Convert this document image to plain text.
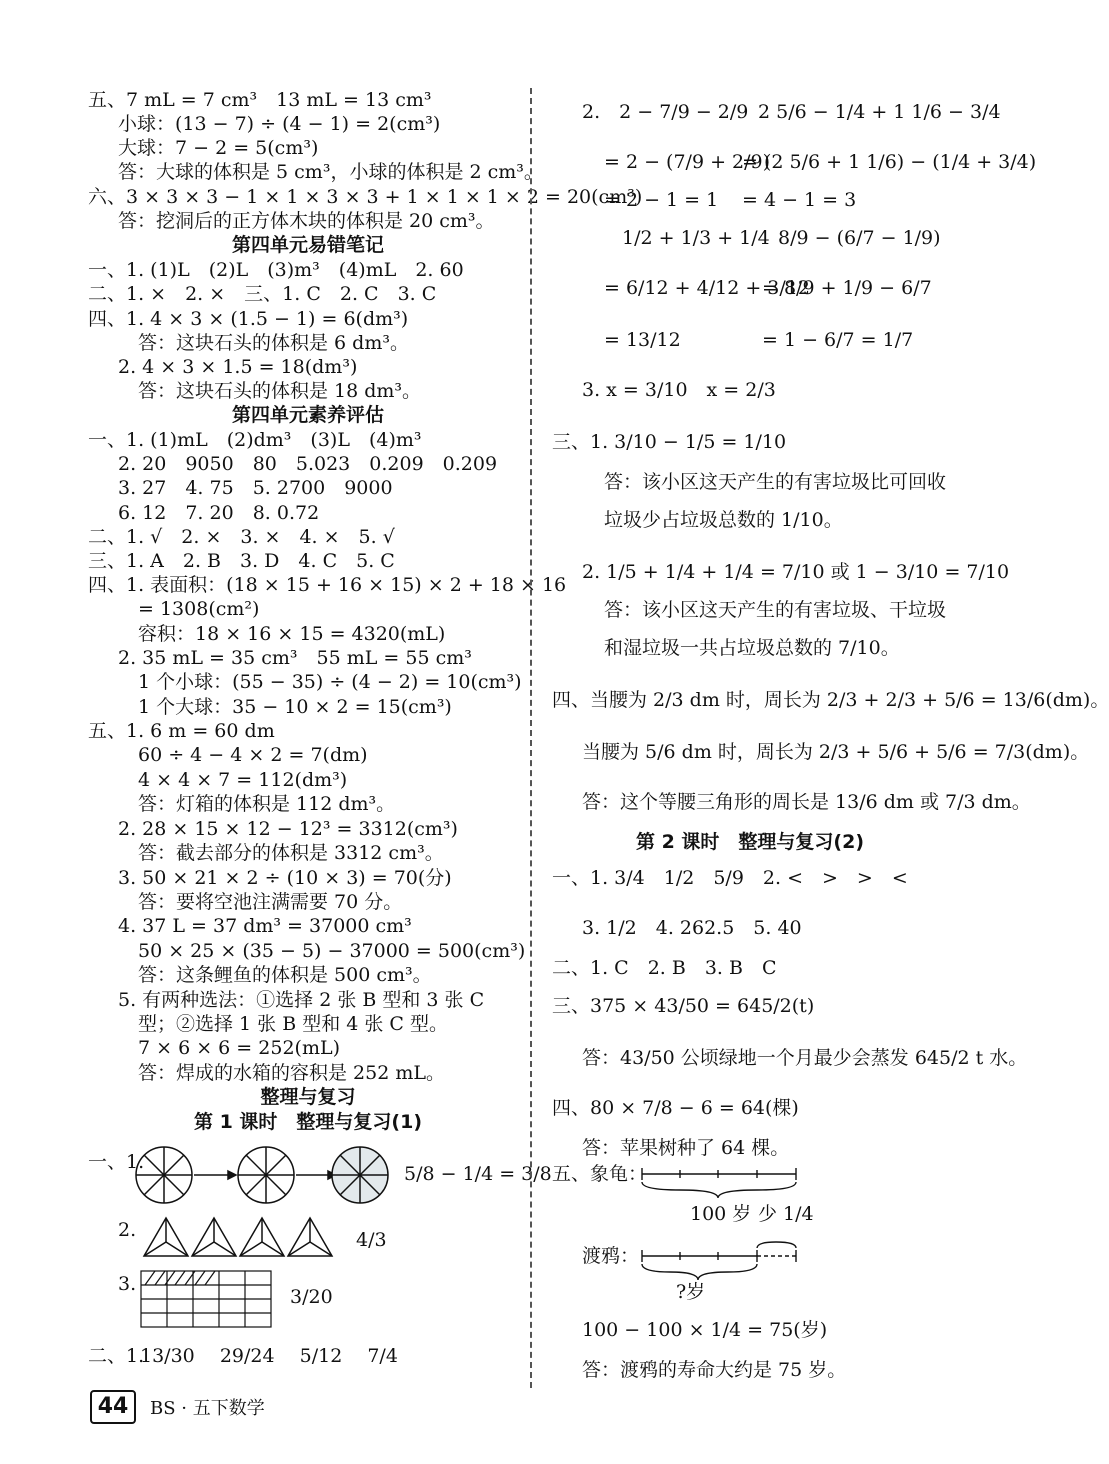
五、7 mL = 7 cm³　13 mL = 13 cm³
小球：(13 − 7) ÷ (4 − 1) = 2(cm³)
大球：7 − 2 = 5(cm³)
答：大球的体积是 5 cm³，小球的体积是 2 cm³。
六、3 × 3 × 3 − 1 × 1 × 3 × 3 + 1 × 1 × 1 × 2 = 20(cm³)
答：挖洞后的正方体木块的体积是 20 cm³。
第四单元易错笔记
一、1. (1)L　(2)L　(3)m³　(4)mL　2. 60
二、1. ×　2. ×　三、1. C　2. C　3. C
四、1. 4 × 3 × (1.5 − 1) = 6(dm³)
答：这块石头的体积是 6 dm³。
2. 4 × 3 × 1.5 = 18(dm³)
答：这块石头的体积是 18 dm³。
第四单元素养评估
一、1. (1)mL　(2)dm³　(3)L　(4)m³
2. 20　9050　80　5.023　0.209　0.209
3. 27　4. 75　5. 2700　9000
6. 12　7. 20　8. 0.72
二、1. √　2. ×　3. ×　4. ×　5. √
三、1. A　2. B　3. D　4. C　5. C
四、1. 表面积：(18 × 15 + 16 × 15) × 2 + 18 × 16
= 1308(cm²)
容积：18 × 16 × 15 = 4320(mL)
2. 35 mL = 35 cm³　55 mL = 55 cm³
1 个小球：(55 − 35) ÷ (4 − 2) = 10(cm³)
1 个大球：35 − 10 × 2 = 15(cm³)
五、1. 6 m = 60 dm
60 ÷ 4 − 4 × 2 = 7(dm)
4 × 4 × 7 = 112(dm³)
答：灯箱的体积是 112 dm³。
2. 28 × 15 × 12 − 12³ = 3312(cm³)
答：截去部分的体积是 3312 cm³。
3. 50 × 21 × 2 ÷ (10 × 3) = 70(分)
答：要将空池注满需要 70 分。
4. 37 L = 37 dm³ = 37000 cm³
50 × 25 × (35 − 5) − 37000 = 500(cm³)
答：这条鲤鱼的体积是 500 cm³。
5. 有两种选法：①选择 2 张 B 型和 3 张 C
型；②选择 1 张 B 型和 4 张 C 型。
7 × 6 × 6 = 252(mL)
答：焊成的水箱的容积是 252 mL。
整理与复习
第 1 课时　整理与复习(1)
一、1.
5/8 − 1/4 = 3/8
2.	4/3
3.
3/20
二、1.
13/30　 29/24　 5/12　 7/4
2.　2 − 7/9 − 2/9 2 5/6 − 1/4 + 1 1/6 − 3/4
= 2 − (7/9 + 2/9)
= (2 5/6 + 1 1/6) − (1/4 + 3/4)
= 2 − 1 = 1 = 4 − 1 = 3
1/2 + 1/3 + 1/4 8/9 − (6/7 − 1/9)
= 6/12 + 4/12 + 3/12
= 8/9 + 1/9 − 6/7
= 13/12	= 1 − 6/7 = 1/7
3. x = 3/10　x = 2/3
三、1. 3/10 − 1/5 = 1/10
答：该小区这天产生的有害垃圾比可回收
垃圾少占垃圾总数的 1/10。
2. 1/5 + 1/4 + 1/4 = 7/10 或 1 − 3/10 = 7/10
答：该小区这天产生的有害垃圾、干垃圾
和湿垃圾一共占垃圾总数的 7/10。
四、当腰为 2/3 dm 时，周长为 2/3 + 2/3 + 5/6 = 13/6(dm)。
当腰为 5/6 dm 时，周长为 2/3 + 5/6 + 5/6 = 7/3(dm)。
答：这个等腰三角形的周长是 13/6 dm 或 7/3 dm。
第 2 课时　整理与复习(2)
一、1. 3/4　1/2　5/9　2. <　>　>　<
3. 1/2　4. 262.5　5. 40
二、1. C　2. B　3. B　C
三、375 × 43/50 = 645/2(t)
答：43/50 公顷绿地一个月最少会蒸发 645/2 t 水。
四、80 × 7/8 − 6 = 64(棵)
答：苹果树种了 64 棵。
五、象龟：
100 岁 少 1/4
渡鸦：
?岁
100 − 100 × 1/4 = 75(岁)
答：渡鸦的寿命大约是 75 岁。
44	BS · 五下数学
